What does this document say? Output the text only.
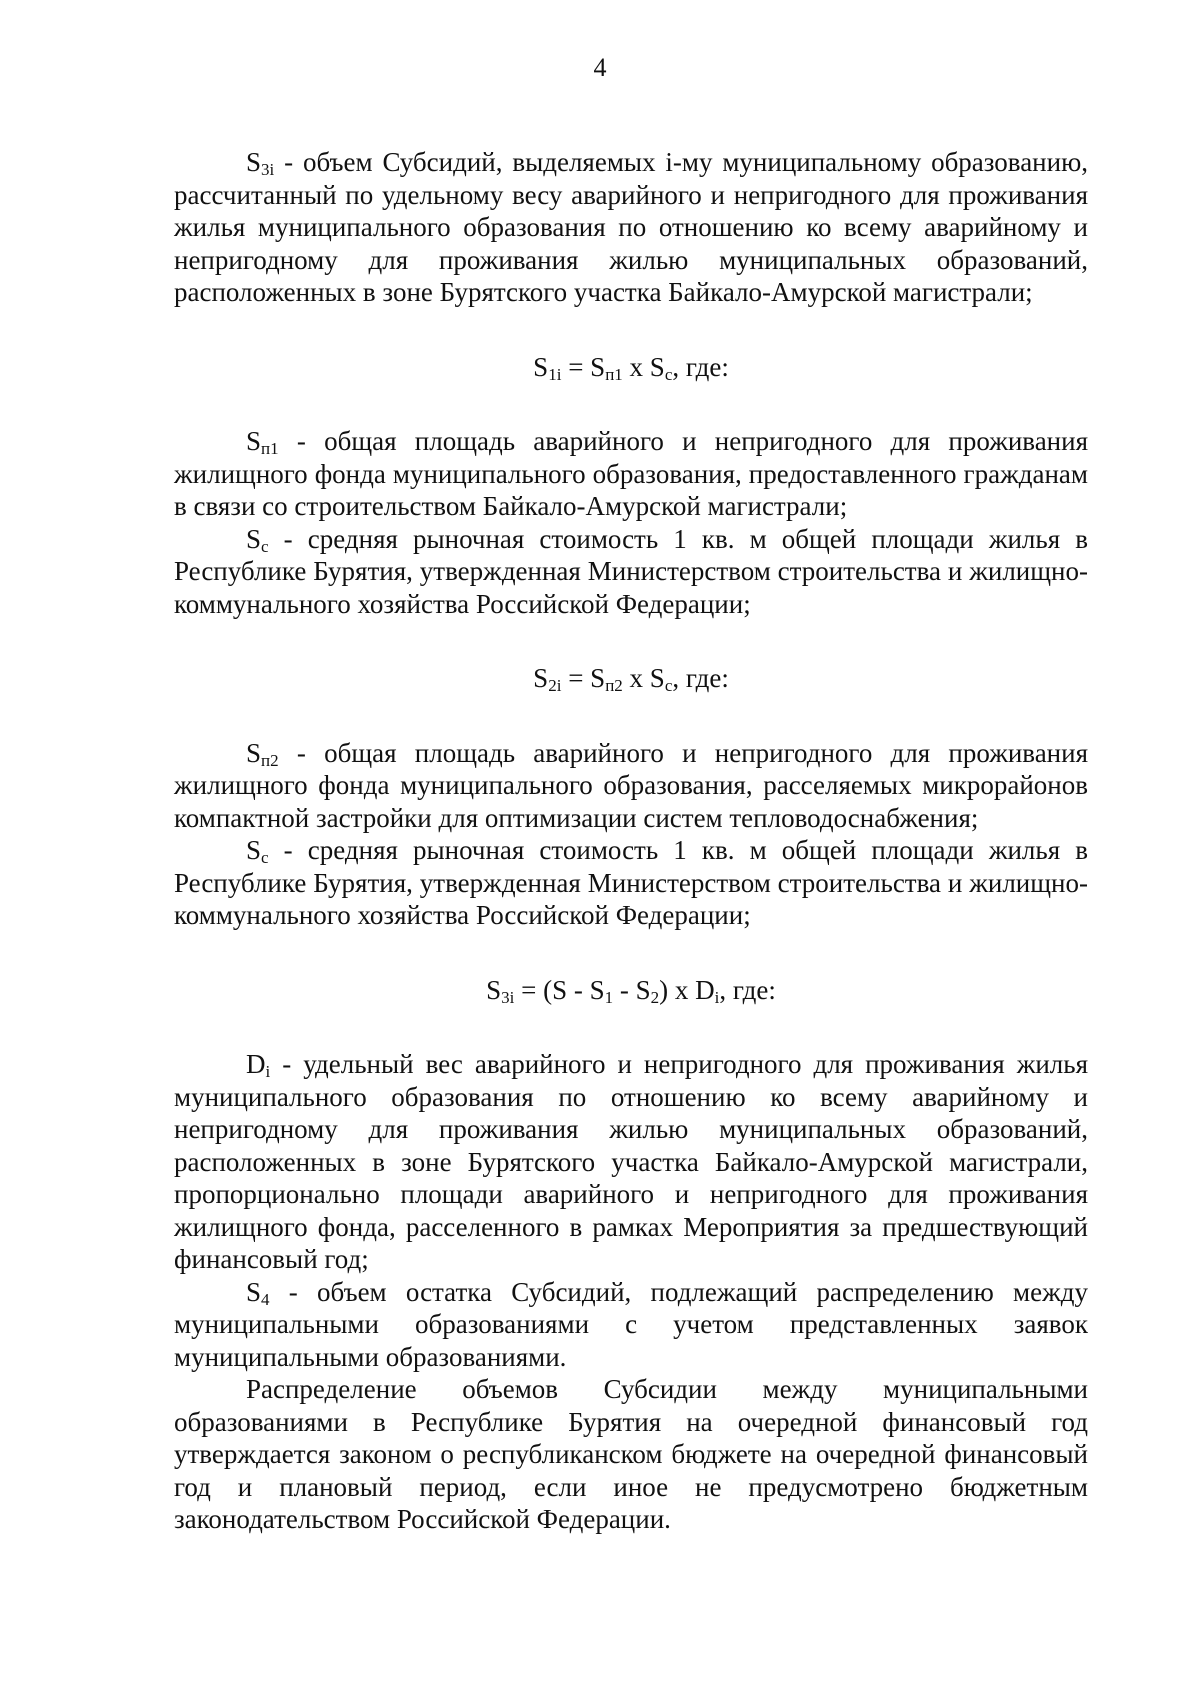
4

$S_{3i}$ - объем Субсидий, выделяемых i-му муниципальному образованию, рассчитанный по удельному весу аварийного и непригодного для проживания жилья муниципального образования по отношению ко всему аварийному и непригодному для проживания жилью муниципальных образований, расположенных в зоне Бурятского участка Байкало-Амурской магистрали;

$S_{1i} = S_{п1}$ x $S_c$, где:

$S_{п1}$ - общая площадь аварийного и непригодного для проживания жилищного фонда муниципального образования, предоставленного гражданам в связи со строительством Байкало-Амурской магистрали;

$S_c$ - средняя рыночная стоимость 1 кв. м общей площади жилья в Республике Бурятия, утвержденная Министерством строительства и жилищно-коммунального хозяйства Российской Федерации;

$S_{2i} = S_{п2}$ x $S_c$, где:

$S_{п2}$ - общая площадь аварийного и непригодного для проживания жилищного фонда муниципального образования, расселяемых микрорайонов компактной застройки для оптимизации систем тепловодоснабжения;

$S_c$ - средняя рыночная стоимость 1 кв. м общей площади жилья в Республике Бурятия, утвержденная Министерством строительства и жилищно-коммунального хозяйства Российской Федерации;

$S_{3i} = (S - S_1 - S_2)$ x $D_i$, где:

$D_i$ - удельный вес аварийного и непригодного для проживания жилья муниципального образования по отношению ко всему аварийному и непригодному для проживания жилью муниципальных образований, расположенных в зоне Бурятского участка Байкало-Амурской магистрали, пропорционально площади аварийного и непригодного для проживания жилищного фонда, расселенного в рамках Мероприятия за предшествующий финансовый год;

$S_4$ - объем остатка Субсидий, подлежащий распределению между муниципальными образованиями с учетом представленных заявок муниципальными образованиями.

Распределение объемов Субсидии между муниципальными образованиями в Республике Бурятия на очередной финансовый год утверждается законом о республиканском бюджете на очередной финансовый год и плановый период, если иное не предусмотрено бюджетным законодательством Российской Федерации.
